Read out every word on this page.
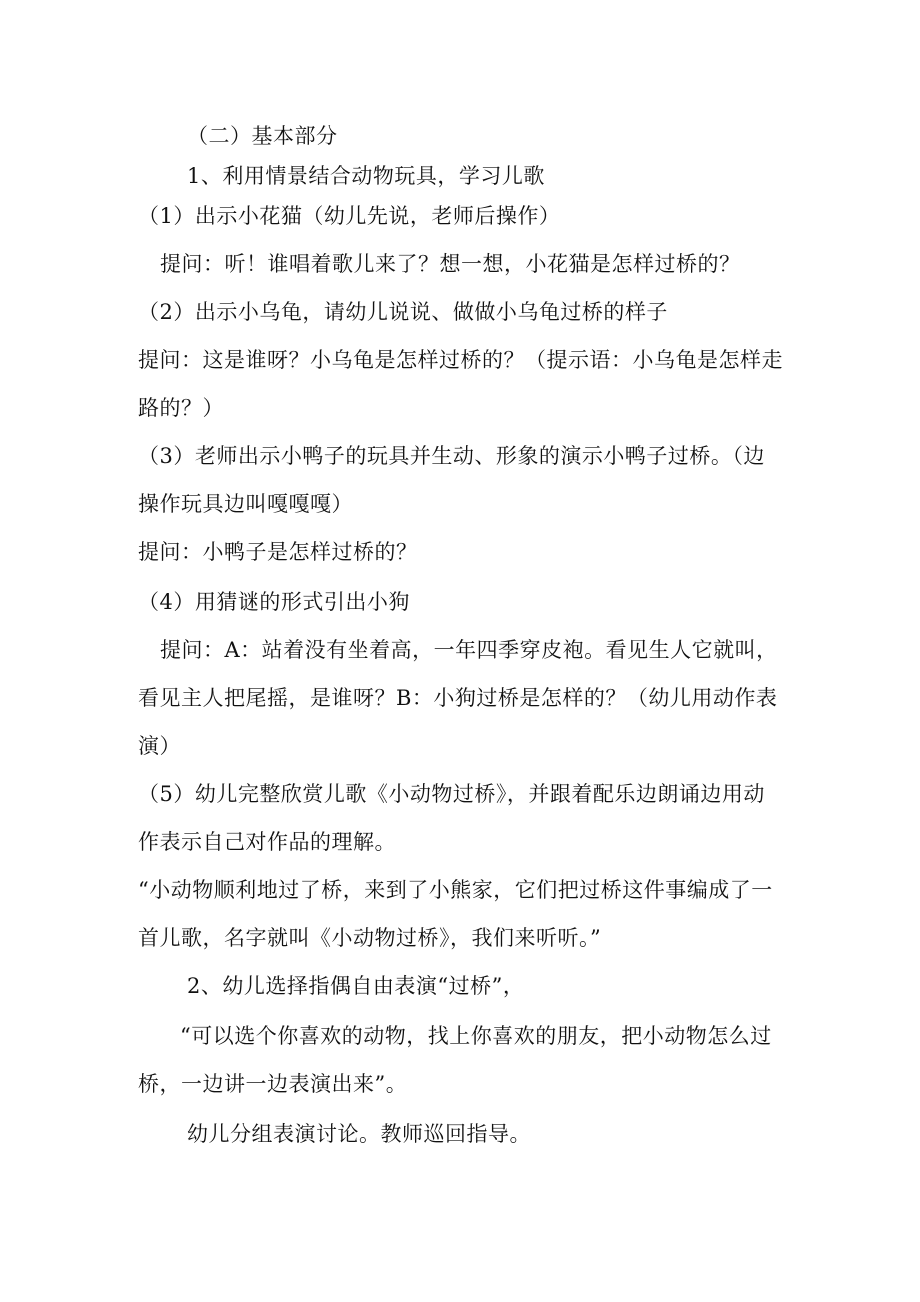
（二）基本部分
1、利用情景结合动物玩具，学习儿歌
（1）出示小花猫（幼儿先说，老师后操作）
提问：听！谁唱着歌儿来了？想一想，小花猫是怎样过桥的？
（2）出示小乌龟，请幼儿说说、做做小乌龟过桥的样子
提问：这是谁呀？小乌龟是怎样过桥的？（提示语：小乌龟是怎样走
路的？）
（3）老师出示小鸭子的玩具并生动、形象的演示小鸭子过桥。（边
操作玩具边叫嘎嘎嘎）
提问：小鸭子是怎样过桥的？
（4）用猜谜的形式引出小狗
提问：A：站着没有坐着高，一年四季穿皮袍。看见生人它就叫，
看见主人把尾摇，是谁呀？B：小狗过桥是怎样的？（幼儿用动作表
演）
（5）幼儿完整欣赏儿歌《小动物过桥》，并跟着配乐边朗诵边用动
作表示自己对作品的理解。
“小动物顺利地过了桥，来到了小熊家，它们把过桥这件事编成了一
首儿歌，名字就叫《小动物过桥》，我们来听听。”
2、幼儿选择指偶自由表演“过桥”，
“可以选个你喜欢的动物，找上你喜欢的朋友，把小动物怎么过
桥，一边讲一边表演出来”。
幼儿分组表演讨论。教师巡回指导。
